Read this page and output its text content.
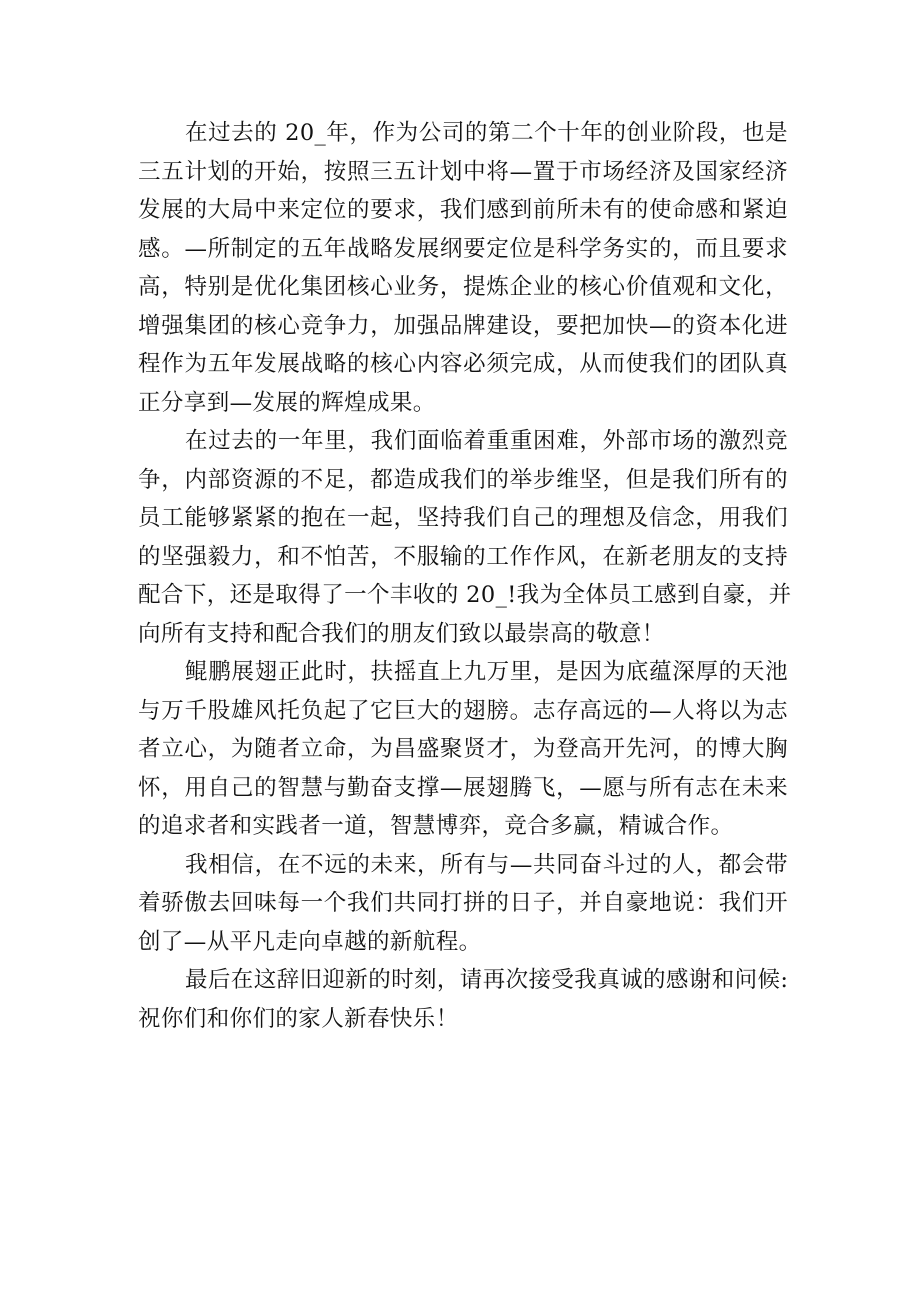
在过去的 20_年，作为公司的第二个十年的创业阶段，也是
三五计划的开始，按照三五计划中将—置于市场经济及国家经济
发展的大局中来定位的要求，我们感到前所未有的使命感和紧迫
感。—所制定的五年战略发展纲要定位是科学务实的，而且要求
高，特别是优化集团核心业务，提炼企业的核心价值观和文化，
增强集团的核心竞争力，加强品牌建设，要把加快—的资本化进
程作为五年发展战略的核心内容必须完成，从而使我们的团队真
正分享到—发展的辉煌成果。

在过去的一年里，我们面临着重重困难，外部市场的激烈竞
争，内部资源的不足，都造成我们的举步维坚，但是我们所有的
员工能够紧紧的抱在一起，坚持我们自己的理想及信念，用我们
的坚强毅力，和不怕苦，不服输的工作作风，在新老朋友的支持
配合下，还是取得了一个丰收的 20_!我为全体员工感到自豪，并
向所有支持和配合我们的朋友们致以最崇高的敬意！

鲲鹏展翅正此时，扶摇直上九万里，是因为底蕴深厚的天池
与万千股雄风托负起了它巨大的翅膀。志存高远的—人将以为志
者立心，为随者立命，为昌盛聚贤才，为登高开先河，的博大胸
怀，用自己的智慧与勤奋支撑—展翅腾飞，—愿与所有志在未来
的追求者和实践者一道，智慧博弈，竞合多赢，精诚合作。

我相信，在不远的未来，所有与—共同奋斗过的人，都会带
着骄傲去回味每一个我们共同打拼的日子，并自豪地说：我们开
创了—从平凡走向卓越的新航程。

最后在这辞旧迎新的时刻，请再次接受我真诚的感谢和问候:
祝你们和你们的家人新春快乐！
